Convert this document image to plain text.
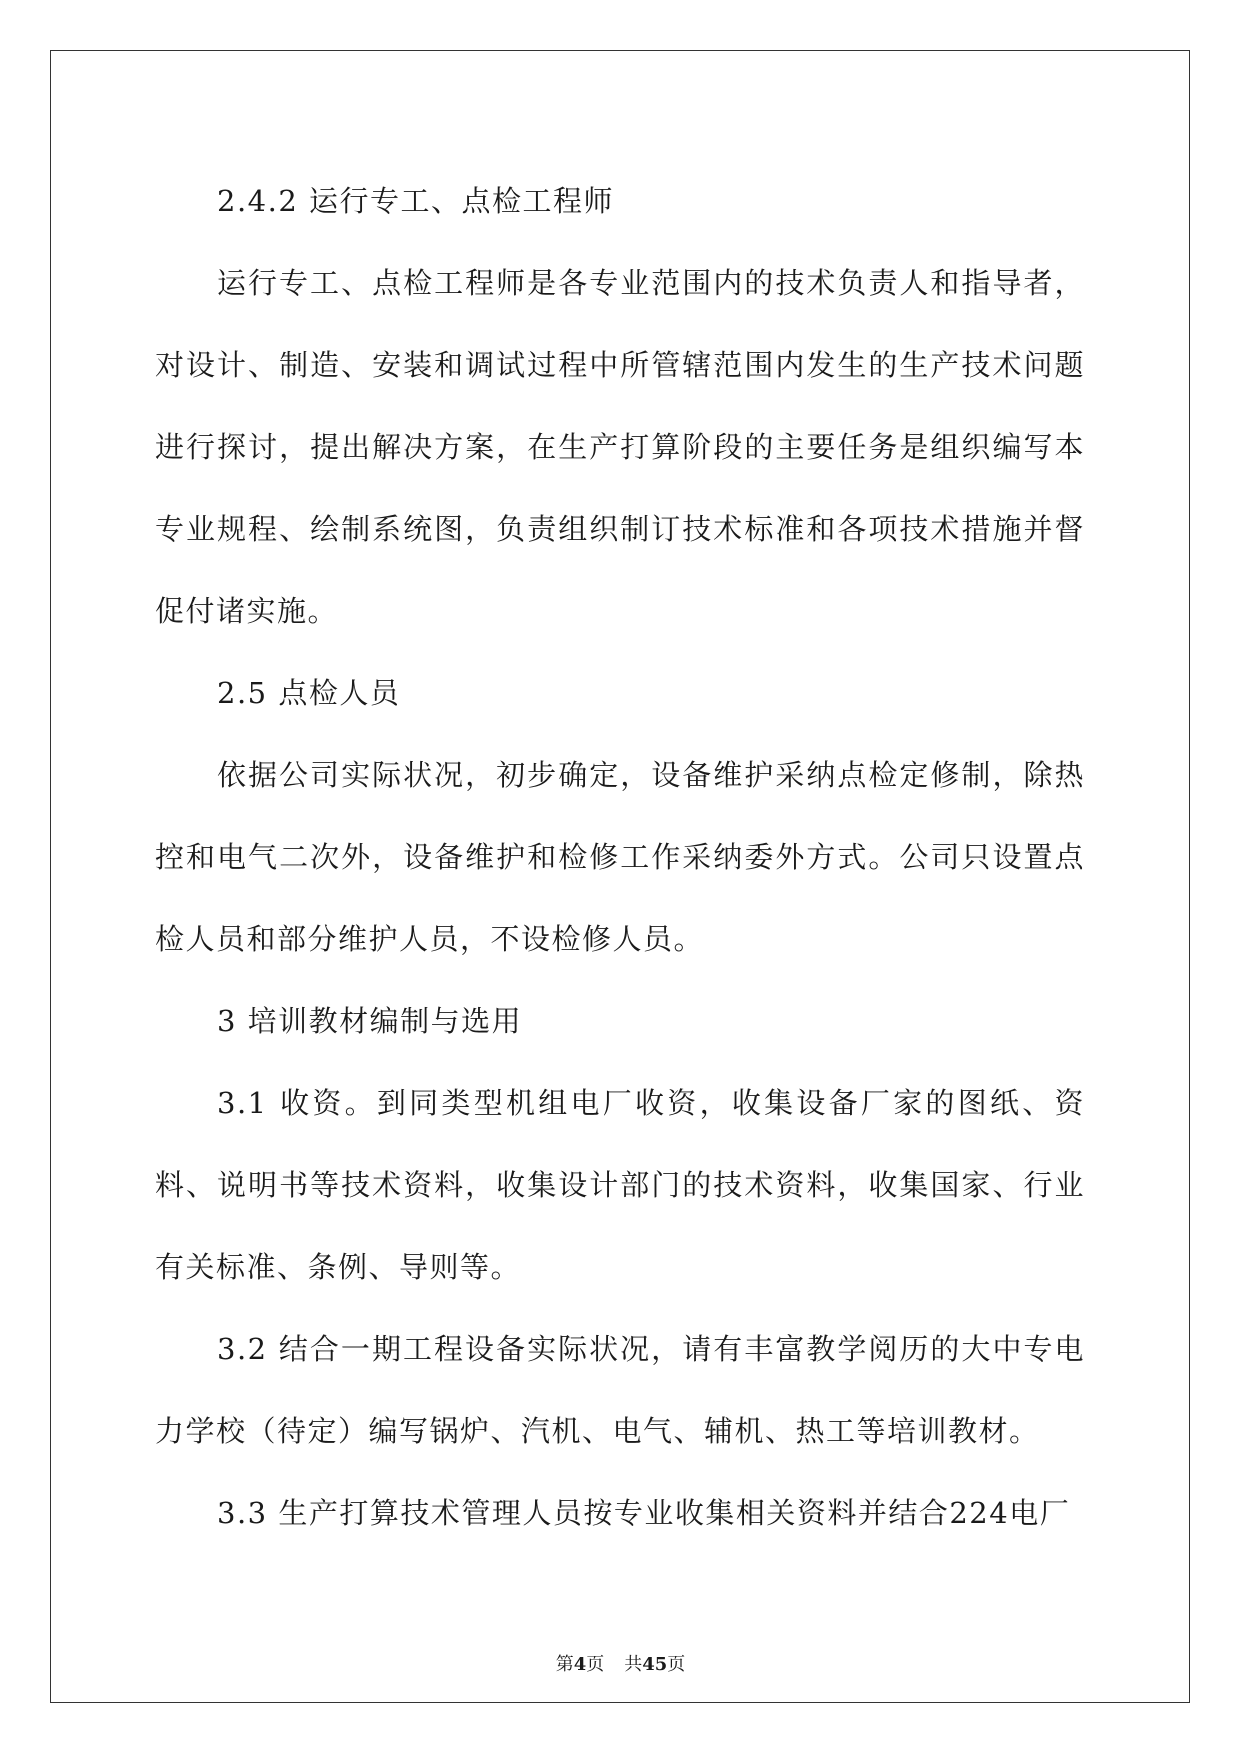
2.4.2 运行专工、点检工程师

运行专工、点检工程师是各专业范围内的技术负责人和指导者，对设计、制造、安装和调试过程中所管辖范围内发生的生产技术问题进行探讨，提出解决方案，在生产打算阶段的主要任务是组织编写本专业规程、绘制系统图，负责组织制订技术标准和各项技术措施并督促付诸实施。

2.5 点检人员

依据公司实际状况，初步确定，设备维护采纳点检定修制，除热控和电气二次外，设备维护和检修工作采纳委外方式。公司只设置点检人员和部分维护人员，不设检修人员。

3 培训教材编制与选用

3.1 收资。到同类型机组电厂收资，收集设备厂家的图纸、资料、说明书等技术资料，收集设计部门的技术资料，收集国家、行业有关标准、条例、导则等。

3.2 结合一期工程设备实际状况，请有丰富教学阅历的大中专电力学校（待定）编写锅炉、汽机、电气、辅机、热工等培训教材。

3.3 生产打算技术管理人员按专业收集相关资料并结合224电厂

第4页 共45页
